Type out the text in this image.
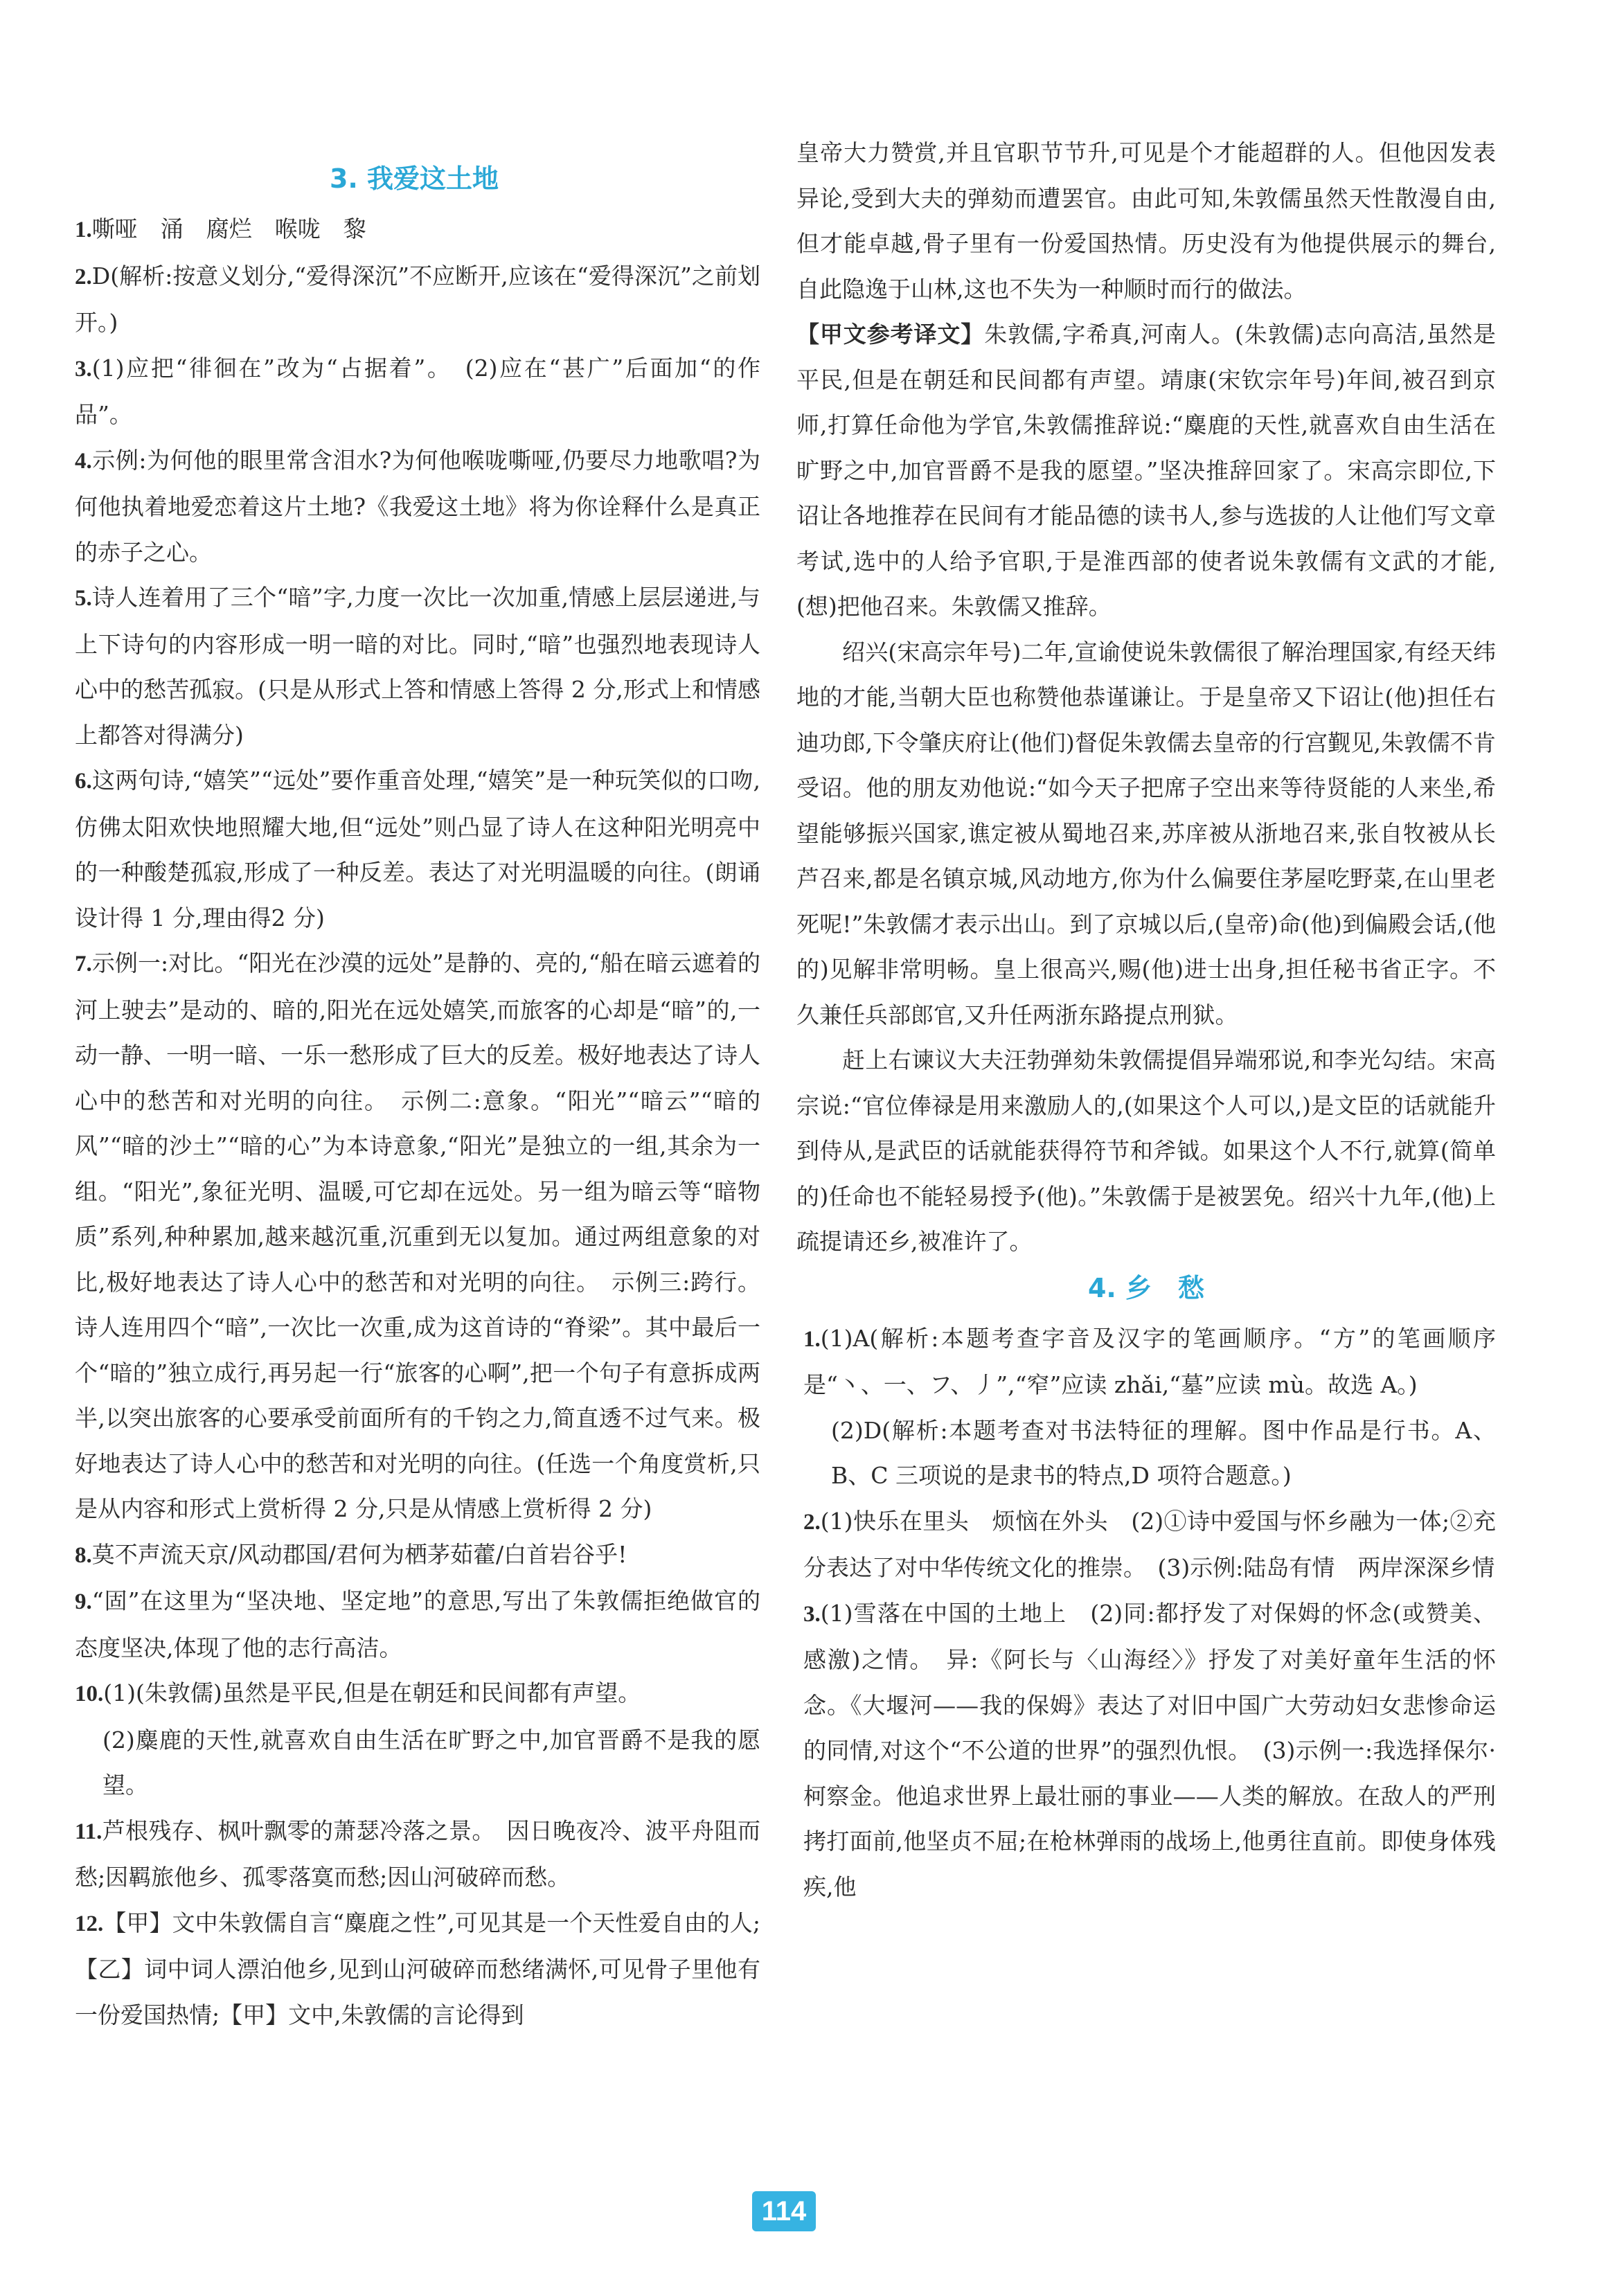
3. 我爱这土地
1.嘶哑　涌　腐烂　喉咙　黎
2.D(解析:按意义划分,“爱得深沉”不应断开,应该在“爱得深沉”之前划开。)
3.(1)应把“徘徊在”改为“占据着”。　(2)应在“甚广”后面加“的作品”。
4.示例:为何他的眼里常含泪水?为何他喉咙嘶哑,仍要尽力地歌唱?为何他执着地爱恋着这片土地?《我爱这土地》将为你诠释什么是真正的赤子之心。
5.诗人连着用了三个“暗”字,力度一次比一次加重,情感上层层递进,与上下诗句的内容形成一明一暗的对比。同时,“暗”也强烈地表现诗人心中的愁苦孤寂。(只是从形式上答和情感上答得 2 分,形式上和情感上都答对得满分)
6.这两句诗,“嬉笑”“远处”要作重音处理,“嬉笑”是一种玩笑似的口吻,仿佛太阳欢快地照耀大地,但“远处”则凸显了诗人在这种阳光明亮中的一种酸楚孤寂,形成了一种反差。表达了对光明温暖的向往。(朗诵设计得 1 分,理由得2 分)
7.示例一:对比。“阳光在沙漠的远处”是静的、亮的,“船在暗云遮着的河上驶去”是动的、暗的,阳光在远处嬉笑,而旅客的心却是“暗”的,一动一静、一明一暗、一乐一愁形成了巨大的反差。极好地表达了诗人心中的愁苦和对光明的向往。　示例二:意象。“阳光”“暗云”“暗的风”“暗的沙土”“暗的心”为本诗意象,“阳光”是独立的一组,其余为一组。“阳光”,象征光明、温暖,可它却在远处。另一组为暗云等“暗物质”系列,种种累加,越来越沉重,沉重到无以复加。通过两组意象的对比,极好地表达了诗人心中的愁苦和对光明的向往。　示例三:跨行。诗人连用四个“暗”,一次比一次重,成为这首诗的“脊梁”。其中最后一个“暗的”独立成行,再另起一行“旅客的心啊”,把一个句子有意拆成两半,以突出旅客的心要承受前面所有的千钧之力,简直透不过气来。极好地表达了诗人心中的愁苦和对光明的向往。(任选一个角度赏析,只是从内容和形式上赏析得 2 分,只是从情感上赏析得 2 分)
8.莫不声流天京/风动郡国/君何为栖茅茹藿/白首岩谷乎!
9.“固”在这里为“坚决地、坚定地”的意思,写出了朱敦儒拒绝做官的态度坚决,体现了他的志行高洁。
10.(1)(朱敦儒)虽然是平民,但是在朝廷和民间都有声望。
(2)麋鹿的天性,就喜欢自由生活在旷野之中,加官晋爵不是我的愿望。
11.芦根残存、枫叶飘零的萧瑟冷落之景。　因日晚夜冷、波平舟阻而愁;因羁旅他乡、孤零落寞而愁;因山河破碎而愁。
12.【甲】文中朱敦儒自言“麋鹿之性”,可见其是一个天性爱自由的人;【乙】词中词人漂泊他乡,见到山河破碎而愁绪满怀,可见骨子里他有一份爱国热情;【甲】文中,朱敦儒的言论得到
皇帝大力赞赏,并且官职节节升,可见是个才能超群的人。但他因发表异论,受到大夫的弹劾而遭罢官。由此可知,朱敦儒虽然天性散漫自由,但才能卓越,骨子里有一份爱国热情。历史没有为他提供展示的舞台,自此隐逸于山林,这也不失为一种顺时而行的做法。
【甲文参考译文】朱敦儒,字希真,河南人。(朱敦儒)志向高洁,虽然是平民,但是在朝廷和民间都有声望。靖康(宋钦宗年号)年间,被召到京师,打算任命他为学官,朱敦儒推辞说:“麋鹿的天性,就喜欢自由生活在旷野之中,加官晋爵不是我的愿望。”坚决推辞回家了。宋高宗即位,下诏让各地推荐在民间有才能品德的读书人,参与选拔的人让他们写文章考试,选中的人给予官职,于是淮西部的使者说朱敦儒有文武的才能,(想)把他召来。朱敦儒又推辞。
绍兴(宋高宗年号)二年,宣谕使说朱敦儒很了解治理国家,有经天纬地的才能,当朝大臣也称赞他恭谨谦让。于是皇帝又下诏让(他)担任右迪功郎,下令肇庆府让(他们)督促朱敦儒去皇帝的行宫觐见,朱敦儒不肯受诏。他的朋友劝他说:“如今天子把席子空出来等待贤能的人来坐,希望能够振兴国家,谯定被从蜀地召来,苏庠被从浙地召来,张自牧被从长芦召来,都是名镇京城,风动地方,你为什么偏要住茅屋吃野菜,在山里老死呢!”朱敦儒才表示出山。到了京城以后,(皇帝)命(他)到偏殿会话,(他的)见解非常明畅。皇上很高兴,赐(他)进士出身,担任秘书省正字。不久兼任兵部郎官,又升任两浙东路提点刑狱。
赶上右谏议大夫汪勃弹劾朱敦儒提倡异端邪说,和李光勾结。宋高宗说:“官位俸禄是用来激励人的,(如果这个人可以,)是文臣的话就能升到侍从,是武臣的话就能获得符节和斧钺。如果这个人不行,就算(简单的)任命也不能轻易授予(他)。”朱敦儒于是被罢免。绍兴十九年,(他)上疏提请还乡,被准许了。
4. 乡　愁
1.(1)A(解析:本题考查字音及汉字的笔画顺序。“方”的笔画顺序是“丶、一、フ、丿”,“窄”应读 zhǎi,“墓”应读 mù。故选 A。)
(2)D(解析:本题考查对书法特征的理解。图中作品是行书。A、B、C 三项说的是隶书的特点,D 项符合题意。)
2.(1)快乐在里头　烦恼在外头　(2)①诗中爱国与怀乡融为一体;②充分表达了对中华传统文化的推崇。　(3)示例:陆岛有情　两岸深深乡情
3.(1)雪落在中国的土地上　(2)同:都抒发了对保姆的怀念(或赞美、感激)之情。　异:《阿长与〈山海经〉》抒发了对美好童年生活的怀念。《大堰河——我的保姆》表达了对旧中国广大劳动妇女悲惨命运的同情,对这个“不公道的世界”的强烈仇恨。　(3)示例一:我选择保尔·柯察金。他追求世界上最壮丽的事业——人类的解放。在敌人的严刑拷打面前,他坚贞不屈;在枪林弹雨的战场上,他勇往直前。即使身体残疾,他
114
